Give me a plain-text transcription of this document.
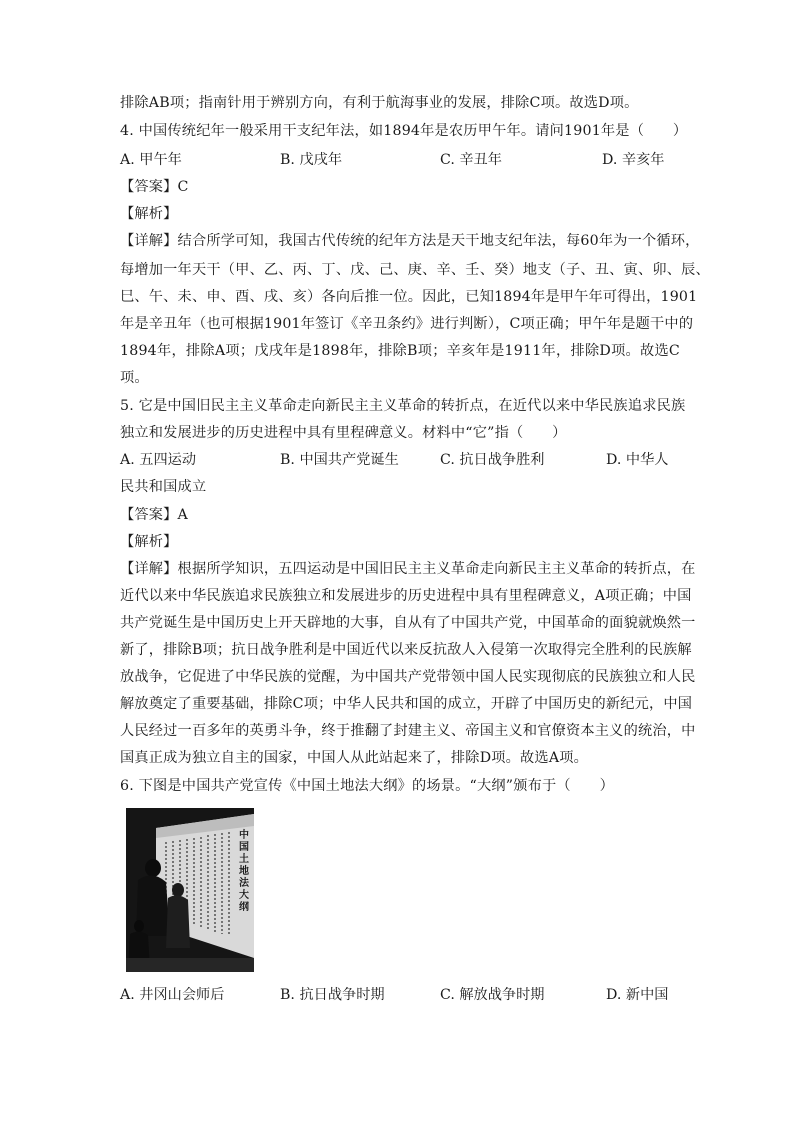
排除AB项；指南针用于辨别方向，有利于航海事业的发展，排除C项。故选D项。
4. 中国传统纪年一般采用干支纪年法，如1894年是农历甲午年。请问1901年是（　　）
A. 甲午年	B. 戊戌年	C. 辛丑年	D. 辛亥年
【答案】C
【解析】
【详解】结合所学可知，我国古代传统的纪年方法是天干地支纪年法，每60年为一个循环，
每增加一年天干（甲、乙、丙、丁、戊、己、庚、辛、壬、癸）地支（子、丑、寅、卯、辰、
巳、午、未、申、酉、戌、亥）各向后推一位。因此，已知1894年是甲午年可得出，1901
年是辛丑年（也可根据1901年签订《辛丑条约》进行判断），C项正确；甲午年是题干中的
1894年，排除A项；戊戌年是1898年，排除B项；辛亥年是1911年，排除D项。故选C
项。
5. 它是中国旧民主主义革命走向新民主主义革命的转折点，在近代以来中华民族追求民族
独立和发展进步的历史进程中具有里程碑意义。材料中“它”指（　　）
A. 五四运动	B. 中国共产党诞生	C. 抗日战争胜利	D. 中华人
民共和国成立
【答案】A
【解析】
【详解】根据所学知识，五四运动是中国旧民主主义革命走向新民主主义革命的转折点，在
近代以来中华民族追求民族独立和发展进步的历史进程中具有里程碑意义，A项正确；中国
共产党诞生是中国历史上开天辟地的大事，自从有了中国共产党，中国革命的面貌就焕然一
新了，排除B项；抗日战争胜利是中国近代以来反抗敌人入侵第一次取得完全胜利的民族解
放战争，它促进了中华民族的觉醒，为中国共产党带领中国人民实现彻底的民族独立和人民
解放奠定了重要基础，排除C项；中华人民共和国的成立，开辟了中国历史的新纪元，中国
人民经过一百多年的英勇斗争，终于推翻了封建主义、帝国主义和官僚资本主义的统治，中
国真正成为独立自主的国家，中国人从此站起来了，排除D项。故选A项。
6. 下图是中国共产党宣传《中国土地法大纲》的场景。“大纲”颁布于（　　）
中国土地法大纲
A. 井冈山会师后	B. 抗日战争时期	C. 解放战争时期	D. 新中国
